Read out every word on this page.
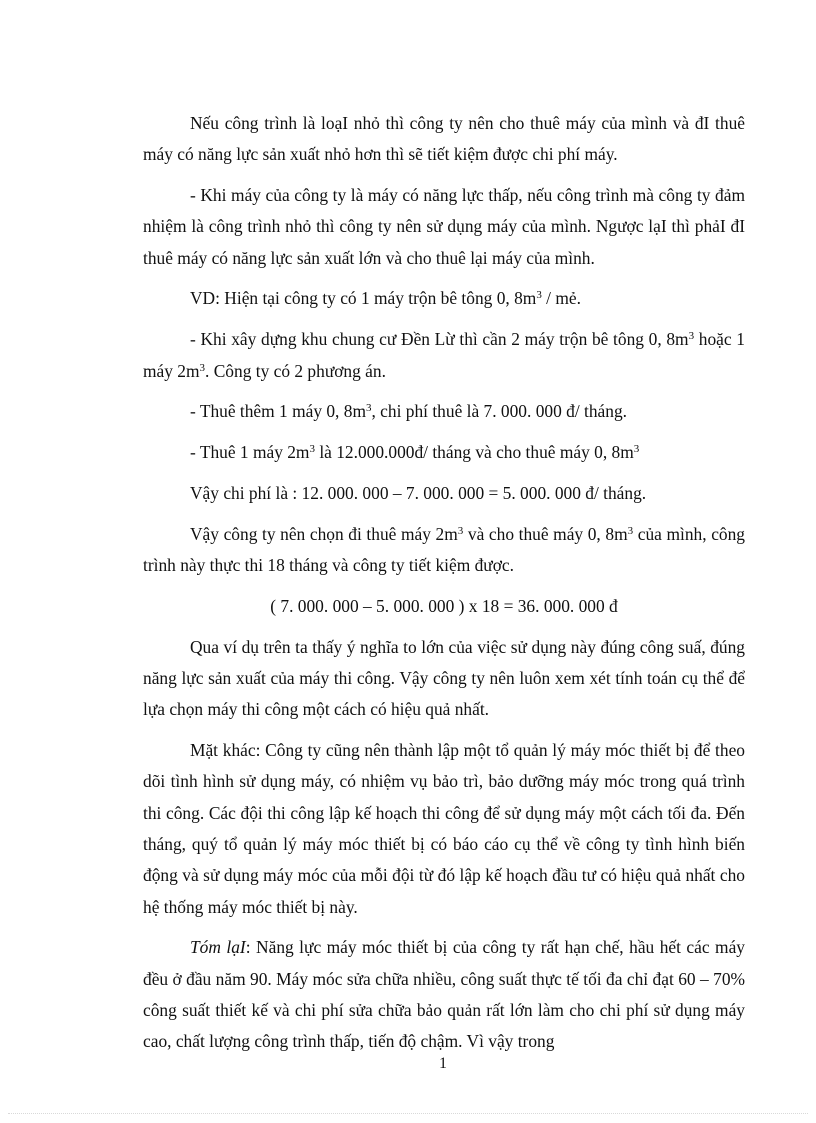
Nếu công trình là loạI nhỏ thì công ty nên cho thuê máy của mình và đI thuê máy có năng lực sản xuất nhỏ hơn thì sẽ tiết kiệm được chi phí máy.

- Khi máy của công ty là máy có năng lực thấp, nếu công trình mà công ty đảm nhiệm là công trình nhỏ thì công ty nên sử dụng máy của mình. Ngược lạI thì phảI đI thuê máy có năng lực sản xuất lớn và cho thuê lại máy của mình.

VD: Hiện tại công ty có 1 máy trộn bê tông 0, $8m^3$ / mẻ.

- Khi xây dựng khu chung cư Đền Lừ thì cần 2 máy trộn bê tông 0, $8m^3$ hoặc 1 máy $2m^3$. Công ty có 2 phương án.

- Thuê thêm 1 máy 0, $8m^3$, chi phí thuê là 7. 000. 000 đ/ tháng.

- Thuê 1 máy $2m^3$ là 12.000.000đ/ tháng và cho thuê máy 0, $8m^3$

Vậy chi phí là : 12. 000. 000 – 7. 000. 000 = 5. 000. 000 đ/ tháng.

Vậy công ty nên chọn đi thuê máy $2m^3$ và cho thuê máy 0, $8m^3$ của mình, công trình này thực thi 18 tháng và công ty tiết kiệm được.

( 7. 000. 000 – 5. 000. 000 ) x 18 = 36. 000. 000 đ

Qua ví dụ trên ta thấy ý nghĩa to lớn của việc sử dụng này đúng công suấ, đúng năng lực sản xuất của máy thi công. Vậy công ty nên luôn xem xét tính toán cụ thể để lựa chọn máy thi công một cách có hiệu quả nhất.

Mặt khác: Công ty cũng nên thành lập một tổ quản lý máy móc thiết bị để theo dõi tình hình sử dụng máy, có nhiệm vụ bảo trì, bảo dưỡng máy móc trong quá trình thi công. Các đội thi công lập kế hoạch thi công để sử dụng máy một cách tối đa. Đến tháng, quý tổ quản lý máy móc thiết bị có báo cáo cụ thể về công ty tình hình biến động và sử dụng máy móc của mỗi đội từ đó lập kế hoạch đầu tư có hiệu quả nhất cho hệ thống máy móc thiết bị này.

Tóm lạI: Năng lực máy móc thiết bị của công ty rất hạn chế, hầu hết các máy đều ở đầu năm 90. Máy móc sửa chữa nhiều, công suất thực tế tối đa chỉ đạt 60 – 70% công suất thiết kế và chi phí sửa chữa bảo quản rất lớn làm cho chi phí sử dụng máy cao, chất lượng công trình thấp, tiến độ chậm. Vì vậy trong

1
